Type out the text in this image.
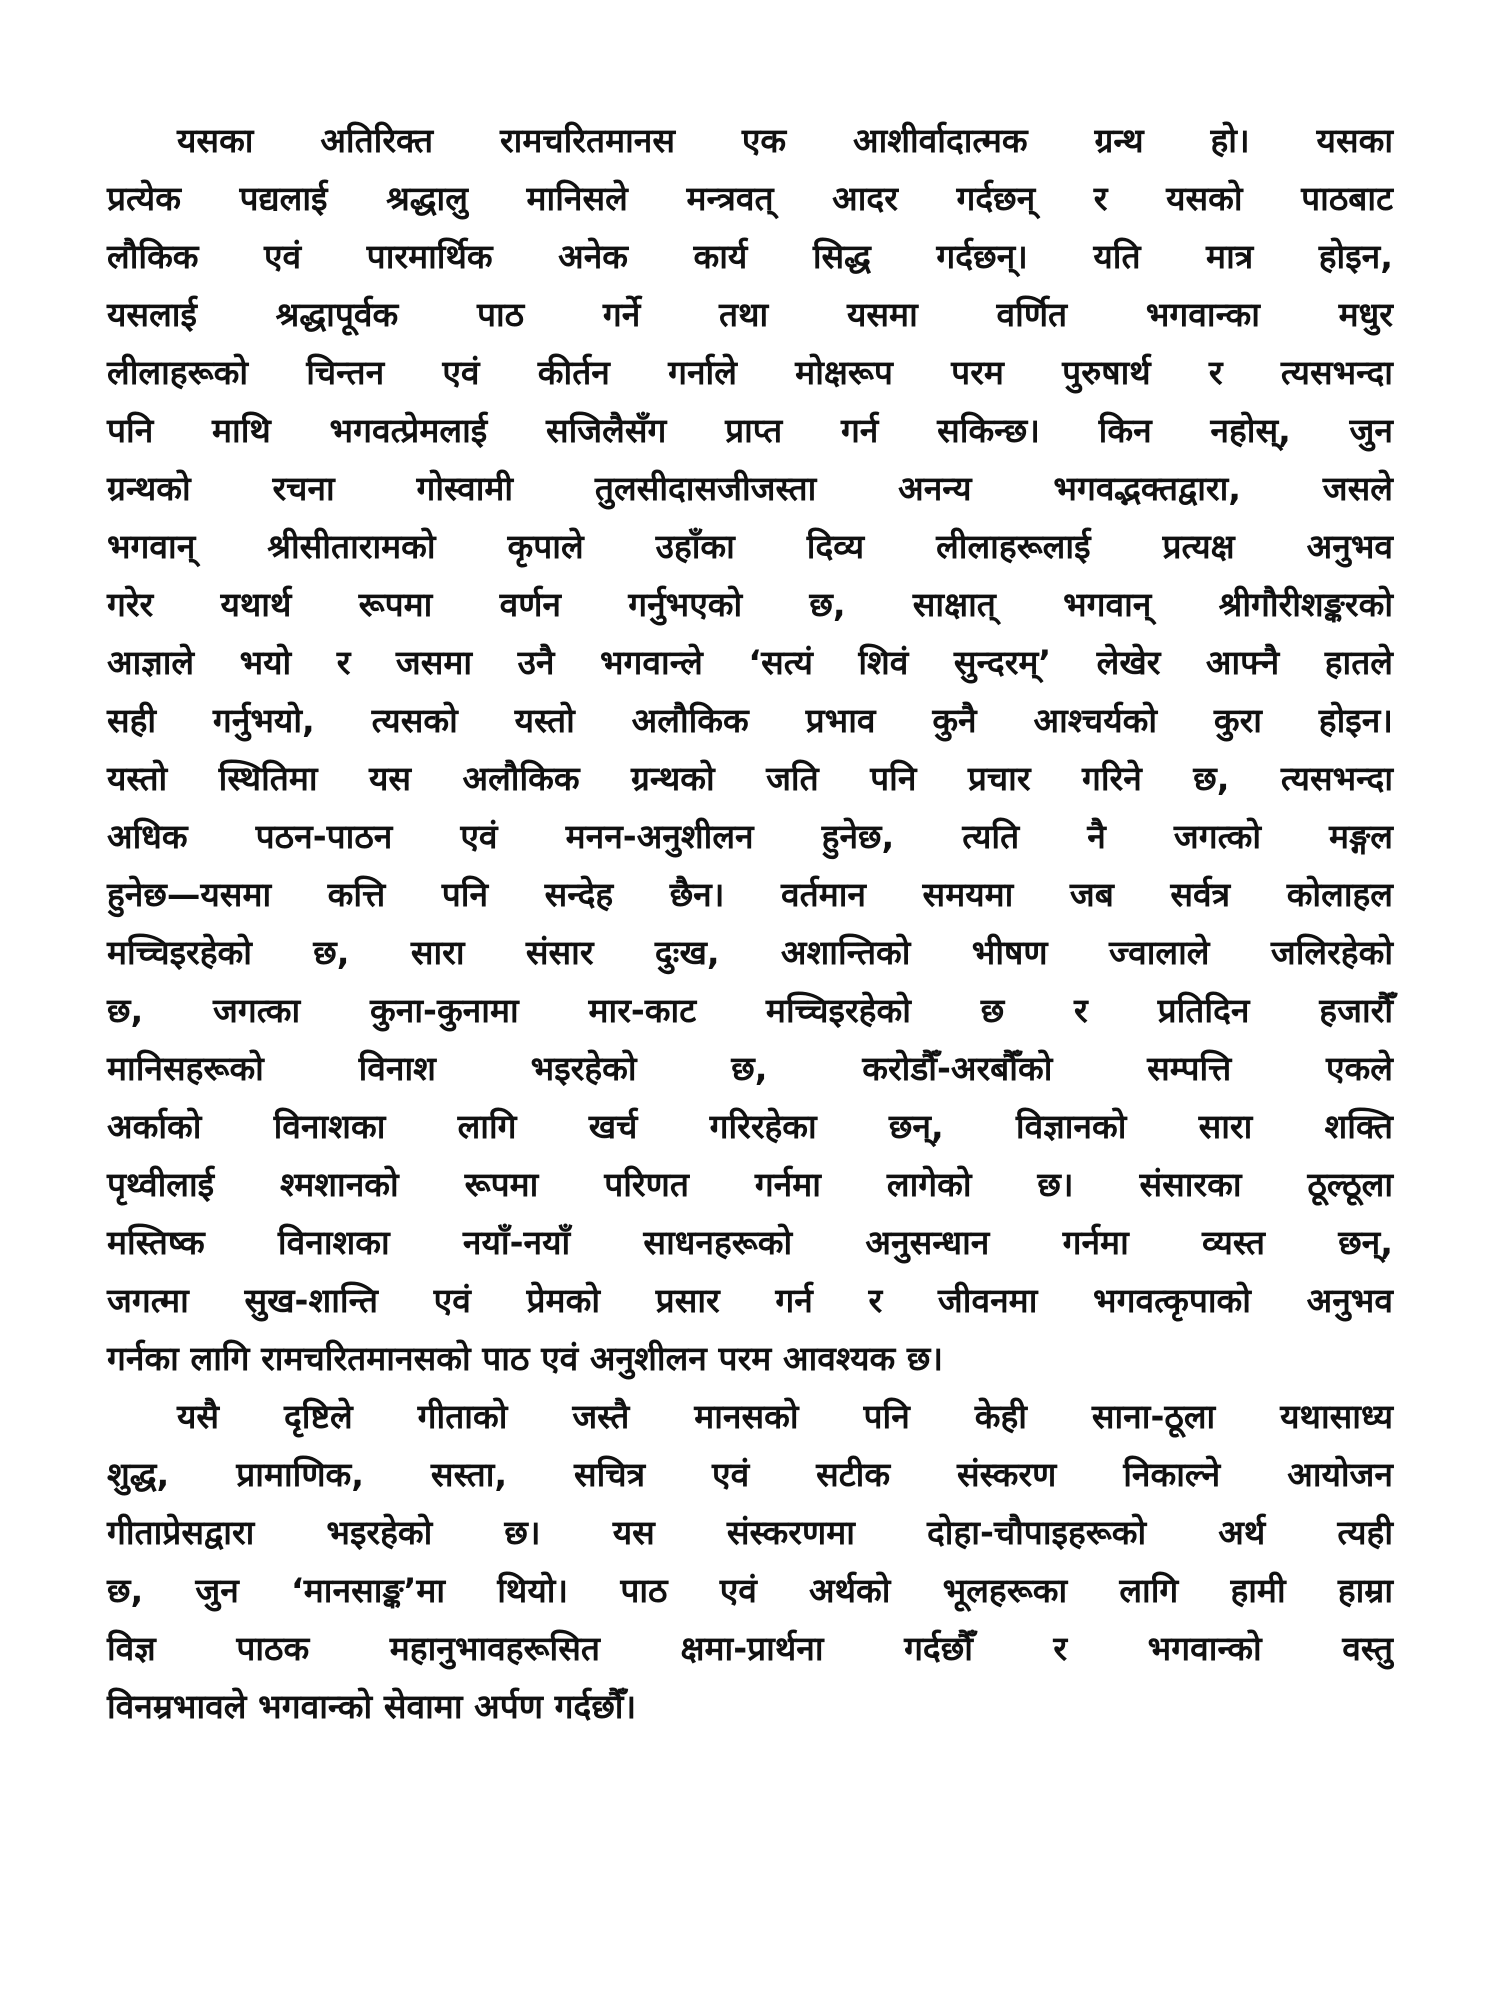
यसका अतिरिक्त रामचरितमानस एक आशीर्वादात्मक ग्रन्थ हो। यसका
प्रत्येक पद्यलाई श्रद्धालु मानिसले मन्त्रवत् आदर गर्दछन् र यसको पाठबाट
लौकिक एवं पारमार्थिक अनेक कार्य सिद्ध गर्दछन्। यति मात्र होइन,
यसलाई श्रद्धापूर्वक पाठ गर्ने तथा यसमा वर्णित भगवान्का मधुर
लीलाहरूको चिन्तन एवं कीर्तन गर्नाले मोक्षरूप परम पुरुषार्थ र त्यसभन्दा
पनि माथि भगवत्प्रेमलाई सजिलैसँग प्राप्त गर्न सकिन्छ। किन नहोस्, जुन
ग्रन्थको रचना गोस्वामी तुलसीदासजीजस्ता अनन्य भगवद्भक्तद्वारा, जसले
भगवान् श्रीसीतारामको कृपाले उहाँका दिव्य लीलाहरूलाई प्रत्यक्ष अनुभव
गरेर यथार्थ रूपमा वर्णन गर्नुभएको छ, साक्षात् भगवान् श्रीगौरीशङ्करको
आज्ञाले भयो र जसमा उनै भगवान्ले ‘सत्यं शिवं सुन्दरम्’ लेखेर आफ्नै हातले
सही गर्नुभयो, त्यसको यस्तो अलौकिक प्रभाव कुनै आश्चर्यको कुरा होइन।
यस्तो स्थितिमा यस अलौकिक ग्रन्थको जति पनि प्रचार गरिने छ, त्यसभन्दा
अधिक पठन-पाठन एवं मनन-अनुशीलन हुनेछ, त्यति नै जगत्को मङ्गल
हुनेछ—यसमा कत्ति पनि सन्देह छैन। वर्तमान समयमा जब सर्वत्र कोलाहल
मच्चिइरहेको छ, सारा संसार दुःख, अशान्तिको भीषण ज्वालाले जलिरहेको
छ, जगत्का कुना-कुनामा मार-काट मच्चिइरहेको छ र प्रतिदिन हजारौँ
मानिसहरूको विनाश भइरहेको छ, करोडौँ-अरबौँको सम्पत्ति एकले
अर्काको विनाशका लागि खर्च गरिरहेका छन्, विज्ञानको सारा शक्ति
पृथ्वीलाई श्मशानको रूपमा परिणत गर्नमा लागेको छ। संसारका ठूल्ठूला
मस्तिष्क विनाशका नयाँ-नयाँ साधनहरूको अनुसन्धान गर्नमा व्यस्त छन्,
जगत्मा सुख-शान्ति एवं प्रेमको प्रसार गर्न र जीवनमा भगवत्कृपाको अनुभव
गर्नका लागि रामचरितमानसको पाठ एवं अनुशीलन परम आवश्यक छ।
यसै दृष्टिले गीताको जस्तै मानसको पनि केही साना-ठूला यथासाध्य
शुद्ध, प्रामाणिक, सस्ता, सचित्र एवं सटीक संस्करण निकाल्ने आयोजन
गीताप्रेसद्वारा भइरहेको छ। यस संस्करणमा दोहा-चौपाइहरूको अर्थ त्यही
छ, जुन ‘मानसाङ्क’मा थियो। पाठ एवं अर्थको भूलहरूका लागि हामी हाम्रा
विज्ञ पाठक महानुभावहरूसित क्षमा-प्रार्थना गर्दछौँ र भगवान्को वस्तु
विनम्रभावले भगवान्को सेवामा अर्पण गर्दछौँ।
